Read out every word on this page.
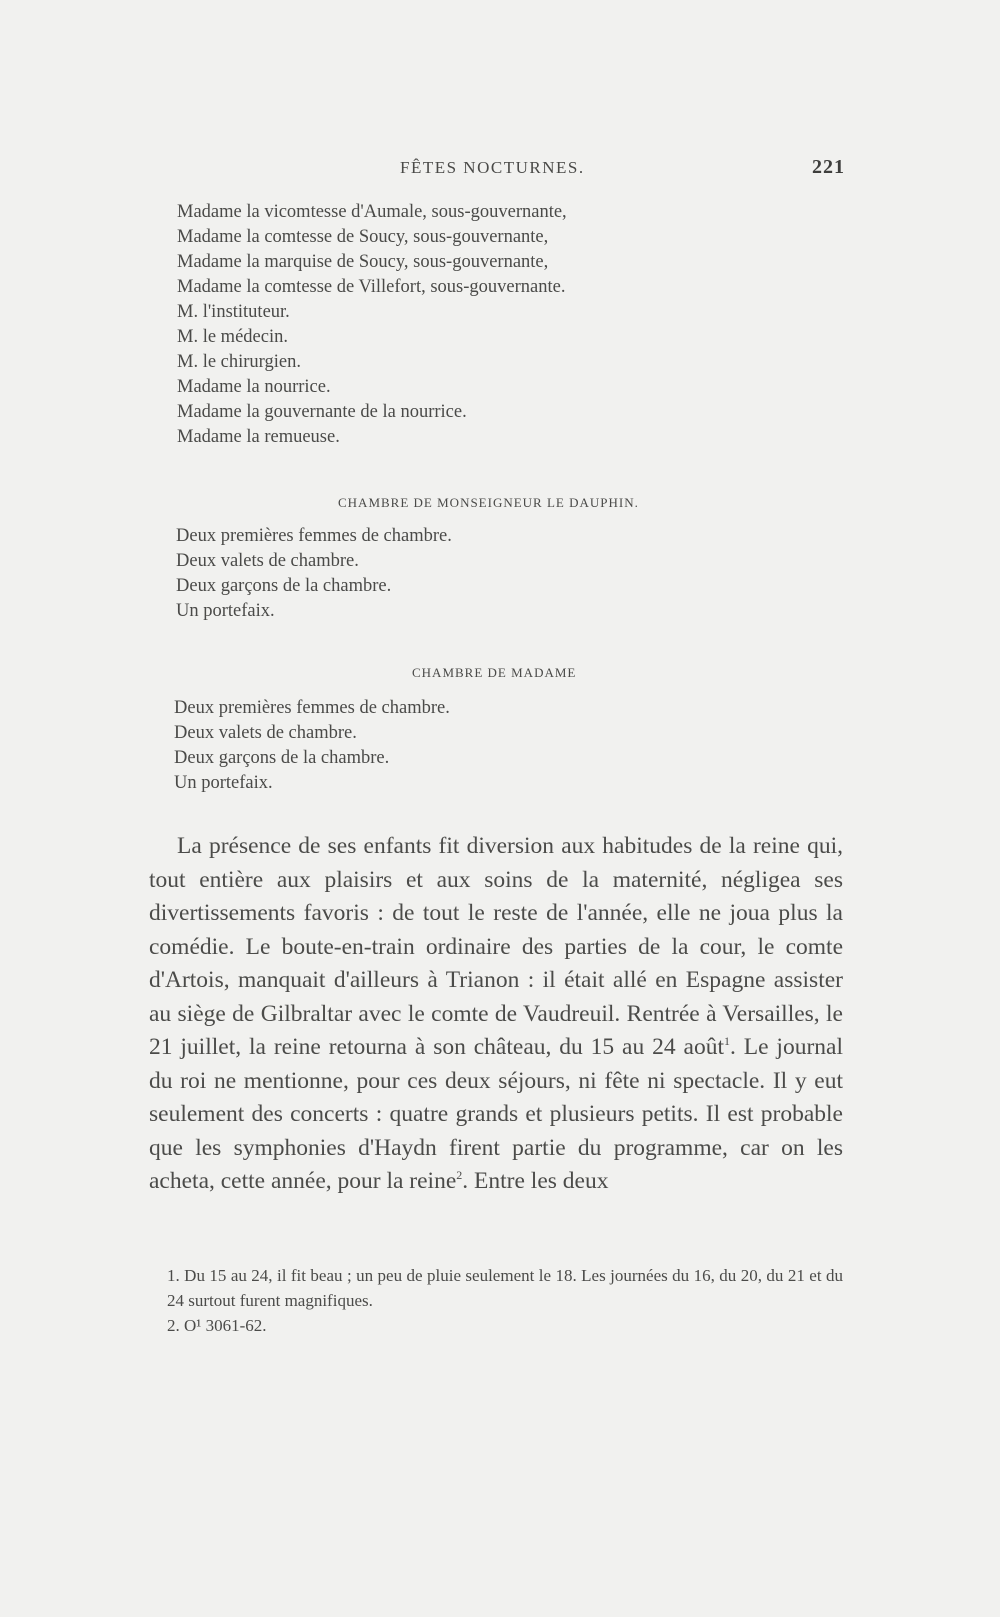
FÊTES NOCTURNES.	221
Madame la vicomtesse d'Aumale, sous-gouvernante,
Madame la comtesse de Soucy, sous-gouvernante,
Madame la marquise de Soucy, sous-gouvernante,
Madame la comtesse de Villefort, sous-gouvernante.
M. l'instituteur.
M. le médecin.
M. le chirurgien.
Madame la nourrice.
Madame la gouvernante de la nourrice.
Madame la remueuse.
CHAMBRE DE MONSEIGNEUR LE DAUPHIN.
Deux premières femmes de chambre.
Deux valets de chambre.
Deux garçons de la chambre.
Un portefaix.
CHAMBRE DE MADAME
Deux premières femmes de chambre.
Deux valets de chambre.
Deux garçons de la chambre.
Un portefaix.

La présence de ses enfants fit diversion aux habitudes de la reine qui, tout entière aux plaisirs et aux soins de la maternité, négligea ses divertissements favoris : de tout le reste de l'année, elle ne joua plus la comédie. Le boute-en-train ordinaire des parties de la cour, le comte d'Artois, manquait d'ailleurs à Trianon : il était allé en Espagne assister au siège de Gilbraltar avec le comte de Vaudreuil. Rentrée à Versailles, le 21 juillet, la reine retourna à son château, du 15 au 24 août$^1$. Le journal du roi ne mentionne, pour ces deux séjours, ni fête ni spectacle. Il y eut seulement des concerts : quatre grands et plusieurs petits. Il est probable que les symphonies d'Haydn firent partie du programme, car on les acheta, cette année, pour la reine$^2$. Entre les deux

1. Du 15 au 24, il fit beau ; un peu de pluie seulement le 18. Les journées du 16, du 20, du 21 et du 24 surtout furent magnifiques.

2. O¹ 3061-62.
